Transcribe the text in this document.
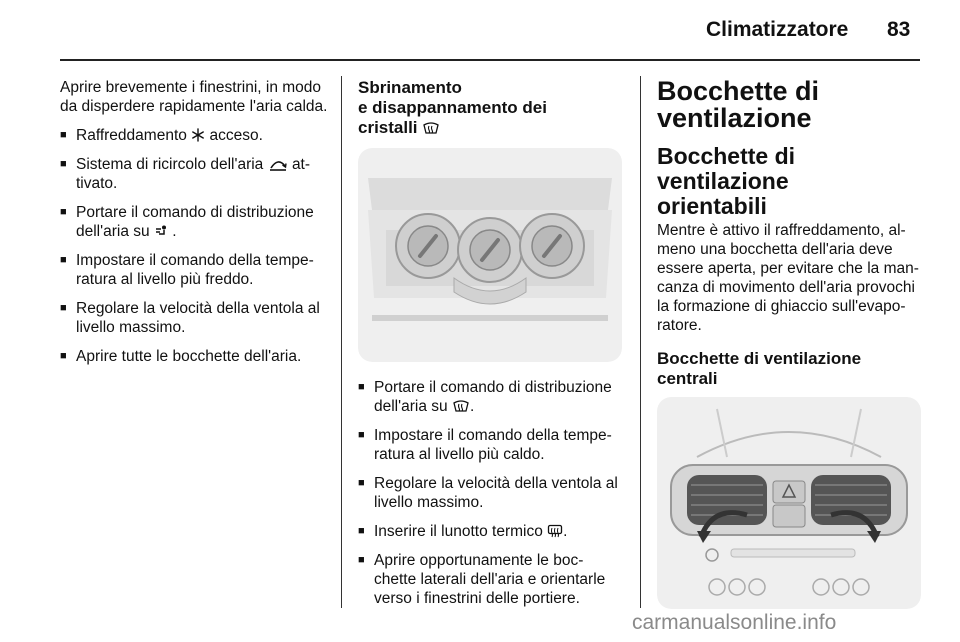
Climatizzatore 83

Aprire brevemente i finestrini, in modo da disperdere rapidamente l'aria calda.

■ Raffreddamento acceso.
■ Sistema di ricircolo dell'aria at-tivato.
■ Portare il comando di distribuzione dell'aria su .
■ Impostare il comando della tempe-ratura al livello più freddo.
■ Regolare la velocità della ventola al livello massimo.
■ Aprire tutte le bocchette dell'aria.
Sbrinamento
e disappannamento dei
cristalli
■ Portare il comando di distribuzione dell'aria su .
■ Impostare il comando della tempe-ratura al livello più caldo.
■ Regolare la velocità della ventola al livello massimo.
■ Inserire il lunotto termico .
■ Aprire opportunamente le boc-chette laterali dell'aria e orientarle verso i finestrini delle portiere.
Bocchette di
ventilazione
Bocchette di ventilazione
orientabili

Mentre è attivo il raffreddamento, al-meno una bocchetta dell'aria deve essere aperta, per evitare che la man-canza di movimento dell'aria provochi la formazione di ghiaccio sull'evapo-ratore.

Bocchette di ventilazione
centrali
carmanualsonline.info
